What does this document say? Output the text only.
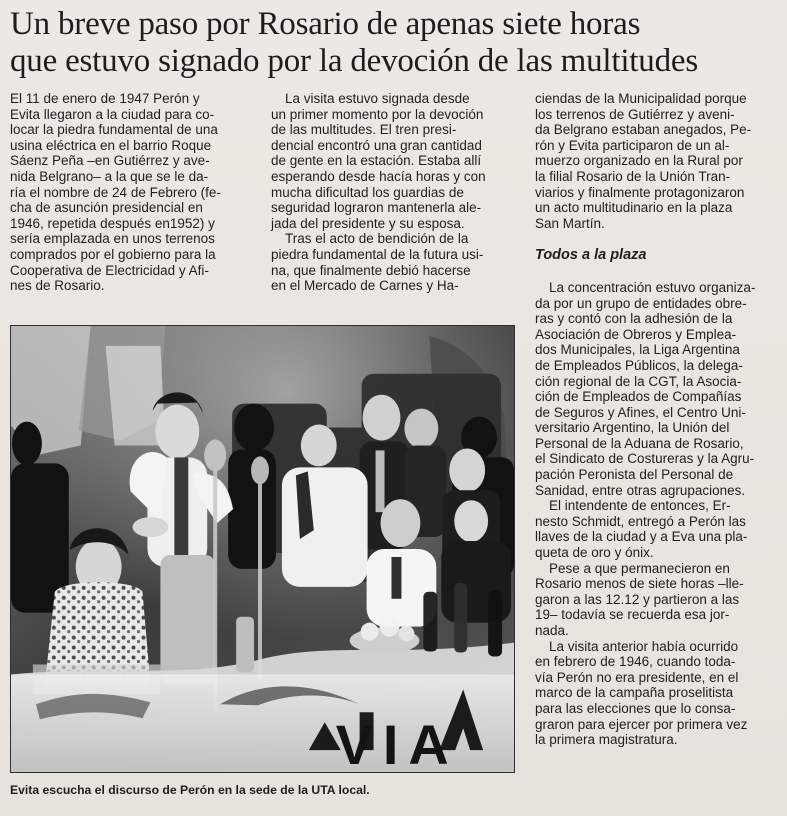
Un breve paso por Rosario de apenas siete horas
que estuvo signado por la devoción de las multitudes

El 11 de enero de 1947 Perón y
Evita llegaron a la ciudad para co-
locar la piedra fundamental de una
usina eléctrica en el barrio Roque
Sáenz Peña –en Gutiérrez y ave-
nida Belgrano– a la que se le da-
ría el nombre de 24 de Febrero (fe-
cha de asunción presidencial en
1946, repetida después en1952) y
sería emplazada en unos terrenos
comprados por el gobierno para la
Cooperativa de Electricidad y Afi-
nes de Rosario.

La visita estuvo signada desde
un primer momento por la devoción
de las multitudes. El tren presi-
dencial encontró una gran cantidad
de gente en la estación. Estaba allí
esperando desde hacía horas y con
mucha dificultad los guardias de
seguridad lograron mantenerla ale-
jada del presidente y su esposa.

Tras el acto de bendición de la
piedra fundamental de la futura usi-
na, que finalmente debió hacerse
en el Mercado de Carnes y Ha-

ciendas de la Municipalidad porque
los terrenos de Gutiérrez y aveni-
da Belgrano estaban anegados, Pe-
rón y Evita participaron de un al-
muerzo organizado en la Rural por
la filial Rosario de la Unión Tran-
viarios y finalmente protagonizaron
un acto multitudinario en la plaza
San Martín.

Todos a la plaza

La concentración estuvo organiza-
da por un grupo de entidades obre-
ras y contó con la adhesión de la
Asociación de Obreros y Emplea-
dos Municipales, la Liga Argentina
de Empleados Públicos, la delega-
ción regional de la CGT, la Asocia-
ción de Empleados de Compañías
de Seguros y Afines, el Centro Uni-
versitario Argentino, la Unión del
Personal de la Aduana de Rosario,
el Sindicato de Costureras y la Agru-
pación Peronista del Personal de
Sanidad, entre otras agrupaciones.

El intendente de entonces, Er-
nesto Schmidt, entregó a Perón las
llaves de la ciudad y a Eva una pla-
queta de oro y ónix.

Pese a que permanecieron en
Rosario menos de siete horas –lle-
garon a las 12.12 y partieron a las
19– todavía se recuerda esa jor-
nada.

La visita anterior había ocurrido
en febrero de 1946, cuando toda-
vía Perón no era presidente, en el
marco de la campaña proselitista
para las elecciones que lo consa-
graron para ejercer por primera vez
la primera magistratura.

VIA
Evita escucha el discurso de Perón en la sede de la UTA local.
